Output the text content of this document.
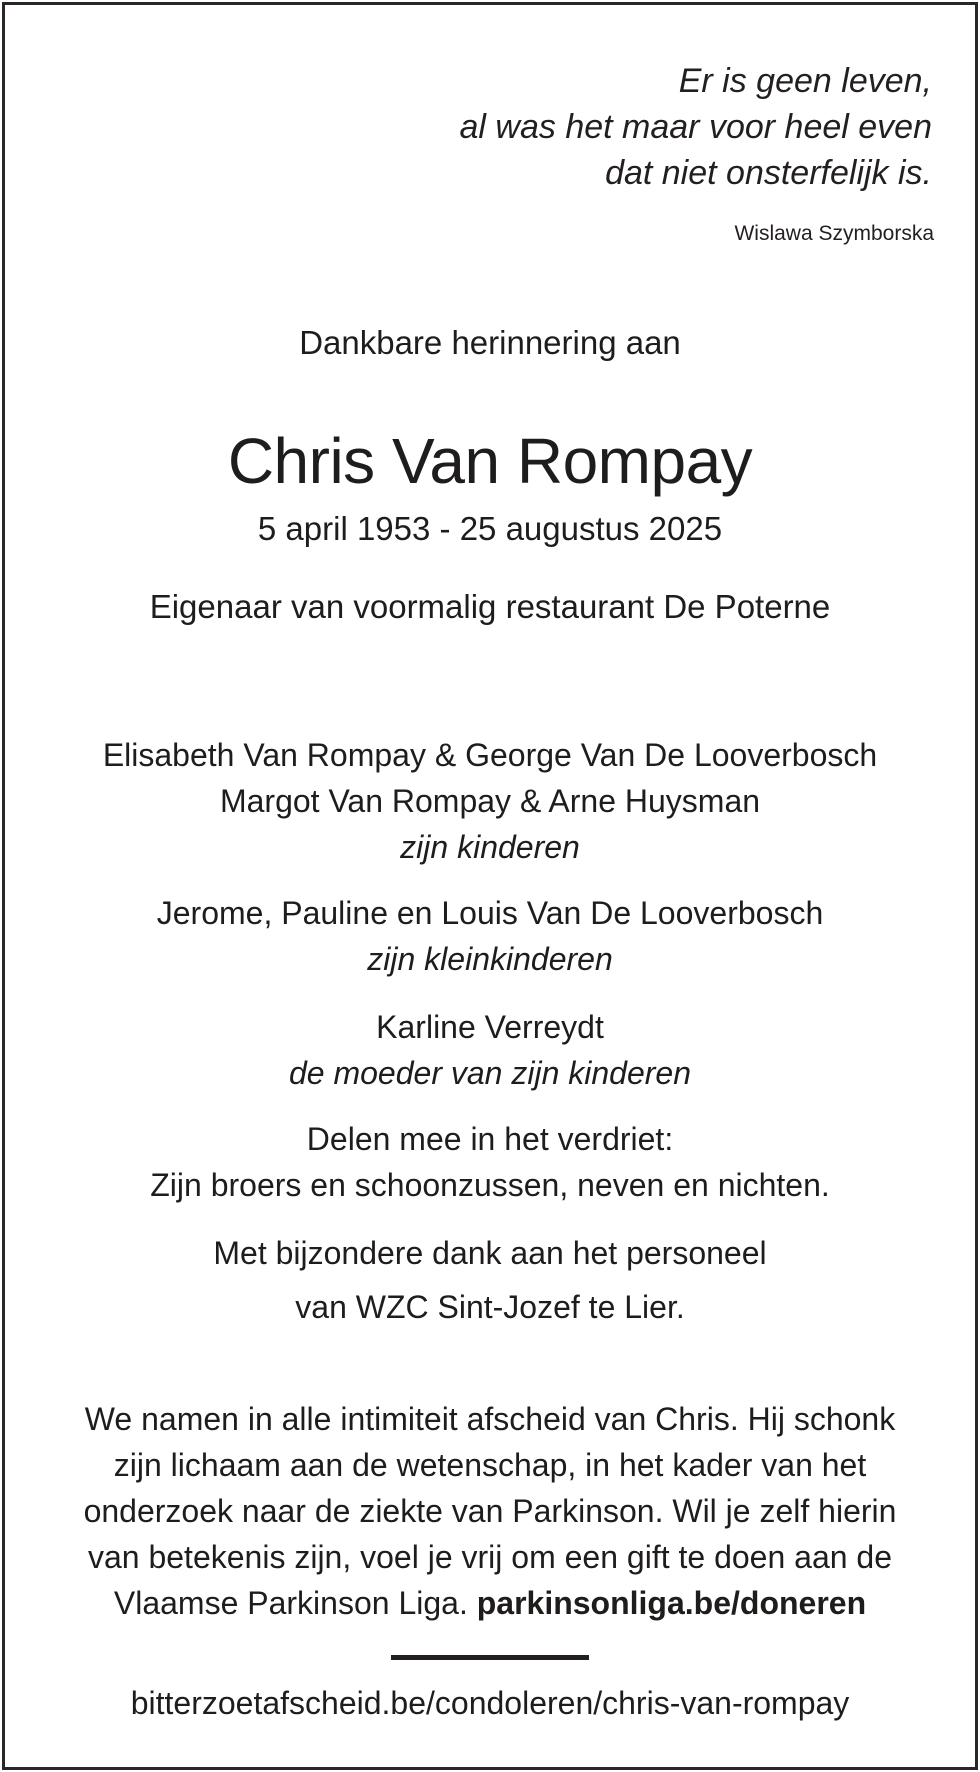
Er is geen leven,
al was het maar voor heel even
dat niet onsterfelijk is.
Wislawa Szymborska
Dankbare herinnering aan
Chris Van Rompay
5 april 1953 - 25 augustus 2025
Eigenaar van voormalig restaurant De Poterne
Elisabeth Van Rompay & George Van De Looverbosch
Margot Van Rompay & Arne Huysman
zijn kinderen
Jerome, Pauline en Louis Van De Looverbosch
zijn kleinkinderen
Karline Verreydt
de moeder van zijn kinderen
Delen mee in het verdriet:
Zijn broers en schoonzussen, neven en nichten.
Met bijzondere dank aan het personeel
van WZC Sint-Jozef te Lier.
We namen in alle intimiteit afscheid van Chris. Hij schonk
zijn lichaam aan de wetenschap, in het kader van het
onderzoek naar de ziekte van Parkinson. Wil je zelf hierin
van betekenis zijn, voel je vrij om een gift te doen aan de
Vlaamse Parkinson Liga. parkinsonliga.be/doneren
bitterzoetafscheid.be/condoleren/chris-van-rompay
